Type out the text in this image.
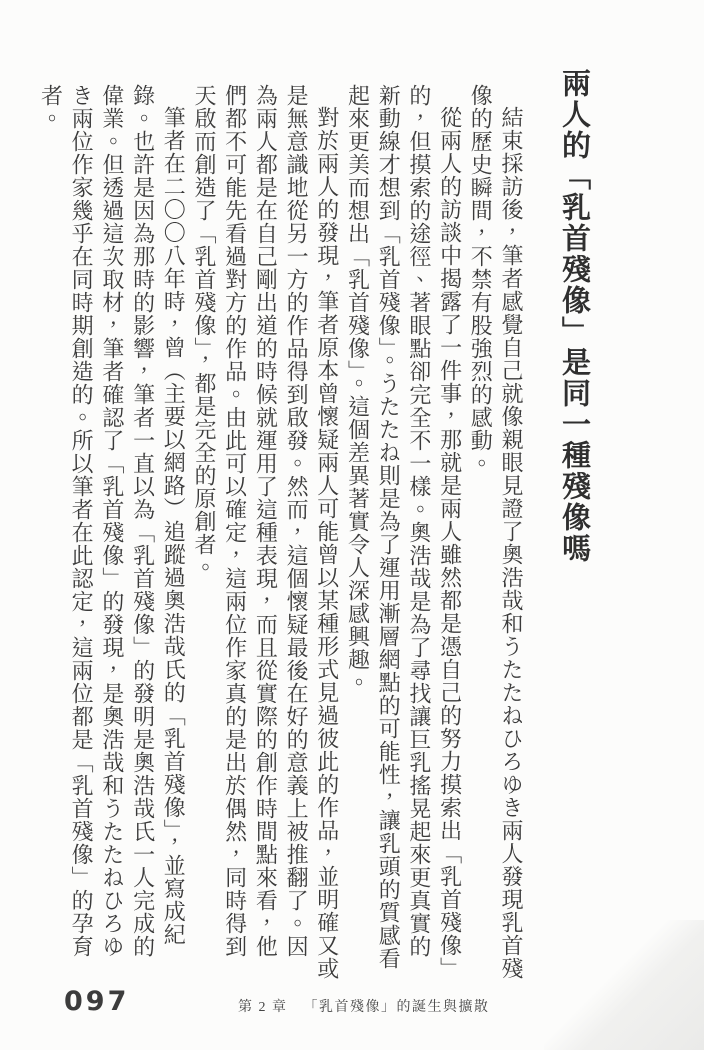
兩人的「乳首殘像」是同一種殘像嗎

結束採訪後，筆者感覺自己就像親眼見證了奧浩哉和うたたねひろゆき兩人發現乳首殘像的歷史瞬間，不禁有股強烈的感動。

從兩人的訪談中揭露了一件事，那就是兩人雖然都是憑自己的努力摸索出「乳首殘像」的，但摸索的途徑、著眼點卻完全不一樣。奧浩哉是為了尋找讓巨乳搖晃起來更真實的新動線才想到「乳首殘像」。うたたね則是為了運用漸層網點的可能性，讓乳頭的質感看起來更美而想出「乳首殘像」。這個差異著實令人深感興趣。

對於兩人的發現，筆者原本曾懷疑兩人可能曾以某種形式見過彼此的作品，並明確又或是無意識地從另一方的作品得到啟發。然而，這個懷疑最後在好的意義上被推翻了。因為兩人都是在自己剛出道的時候就運用了這種表現，而且從實際的創作時間點來看，他們都不可能先看過對方的作品。由此可以確定，這兩位作家真的是出於偶然，同時得到天啟而創造了「乳首殘像」，都是完全的原創者。

筆者在二〇〇八年時，曾（主要以網路）追蹤過奧浩哉氏的「乳首殘像」，並寫成紀錄。也許是因為那時的影響，筆者一直以為「乳首殘像」的發明是奧浩哉氏一人完成的偉業。但透過這次取材，筆者確認了「乳首殘像」的發現，是奧浩哉和うたたねひろゆき兩位作家幾乎在同時期創造的。所以筆者在此認定，這兩位都是「乳首殘像」的孕育者。

097	第 2 章 「乳首殘像」的誕生與擴散
